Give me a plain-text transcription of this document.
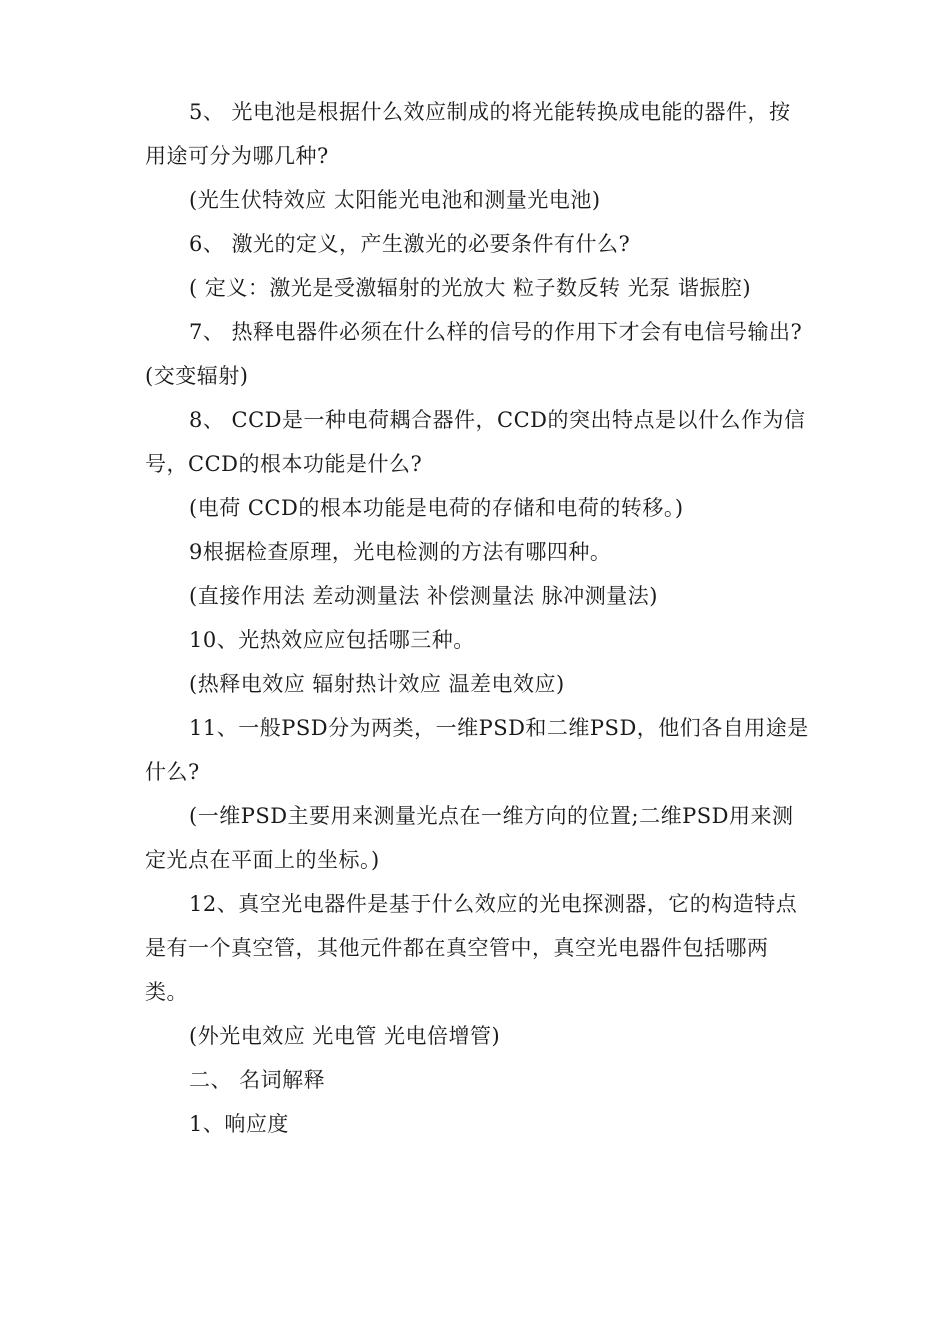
5、 光电池是根据什么效应制成的将光能转换成电能的器件，按用途可分为哪几种?

(光生伏特效应 太阳能光电池和测量光电池)

6、 激光的定义，产生激光的必要条件有什么?

( 定义：激光是受激辐射的光放大 粒子数反转 光泵 谐振腔)

7、 热释电器件必须在什么样的信号的作用下才会有电信号输出?(交变辐射)

8、 CCD是一种电荷耦合器件，CCD的突出特点是以什么作为信号，CCD的根本功能是什么?

(电荷 CCD的根本功能是电荷的存储和电荷的转移。)

9根据检查原理，光电检测的方法有哪四种。

(直接作用法 差动测量法 补偿测量法 脉冲测量法)

10、光热效应应包括哪三种。

(热释电效应 辐射热计效应 温差电效应)

11、一般PSD分为两类，一维PSD和二维PSD，他们各自用途是什么?

(一维PSD主要用来测量光点在一维方向的位置;二维PSD用来测定光点在平面上的坐标。)

12、真空光电器件是基于什么效应的光电探测器，它的构造特点是有一个真空管，其他元件都在真空管中，真空光电器件包括哪两类。

(外光电效应 光电管 光电倍增管)

二、 名词解释

1、响应度
